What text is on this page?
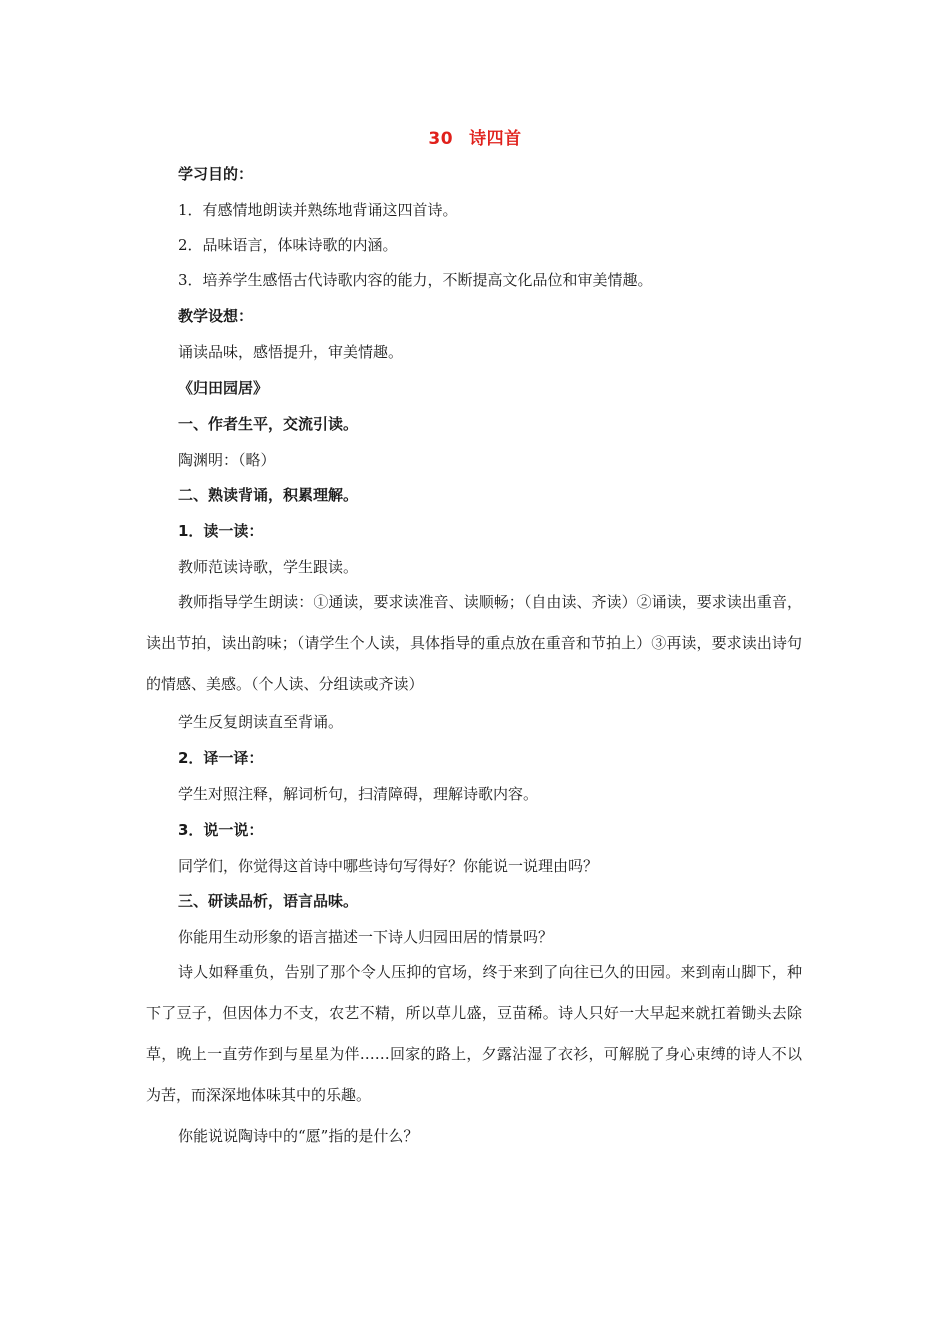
30 诗四首
学习目的：
1．有感情地朗读并熟练地背诵这四首诗。
2．品味语言，体味诗歌的内涵。
3．培养学生感悟古代诗歌内容的能力，不断提高文化品位和审美情趣。
教学设想：
诵读品味，感悟提升，审美情趣。
《归田园居》
一、作者生平，交流引读。
陶渊明：（略）
二、熟读背诵，积累理解。
1．读一读：
教师范读诗歌，学生跟读。
教师指导学生朗读：①通读，要求读准音、读顺畅；（自由读、齐读）②诵读，要求读出重音，读出节拍，读出韵味；（请学生个人读，具体指导的重点放在重音和节拍上）③再读，要求读出诗句的情感、美感。（个人读、分组读或齐读）
学生反复朗读直至背诵。
2．译一译：
学生对照注释，解词析句，扫清障碍，理解诗歌内容。
3．说一说：
同学们，你觉得这首诗中哪些诗句写得好？你能说一说理由吗？
三、研读品析，语言品味。
你能用生动形象的语言描述一下诗人归园田居的情景吗？
诗人如释重负，告别了那个令人压抑的官场，终于来到了向往已久的田园。来到南山脚下，种下了豆子，但因体力不支，农艺不精，所以草儿盛，豆苗稀。诗人只好一大早起来就扛着锄头去除草，晚上一直劳作到与星星为伴……回家的路上，夕露沾湿了衣衫，可解脱了身心束缚的诗人不以为苦，而深深地体味其中的乐趣。
你能说说陶诗中的“愿”指的是什么？
